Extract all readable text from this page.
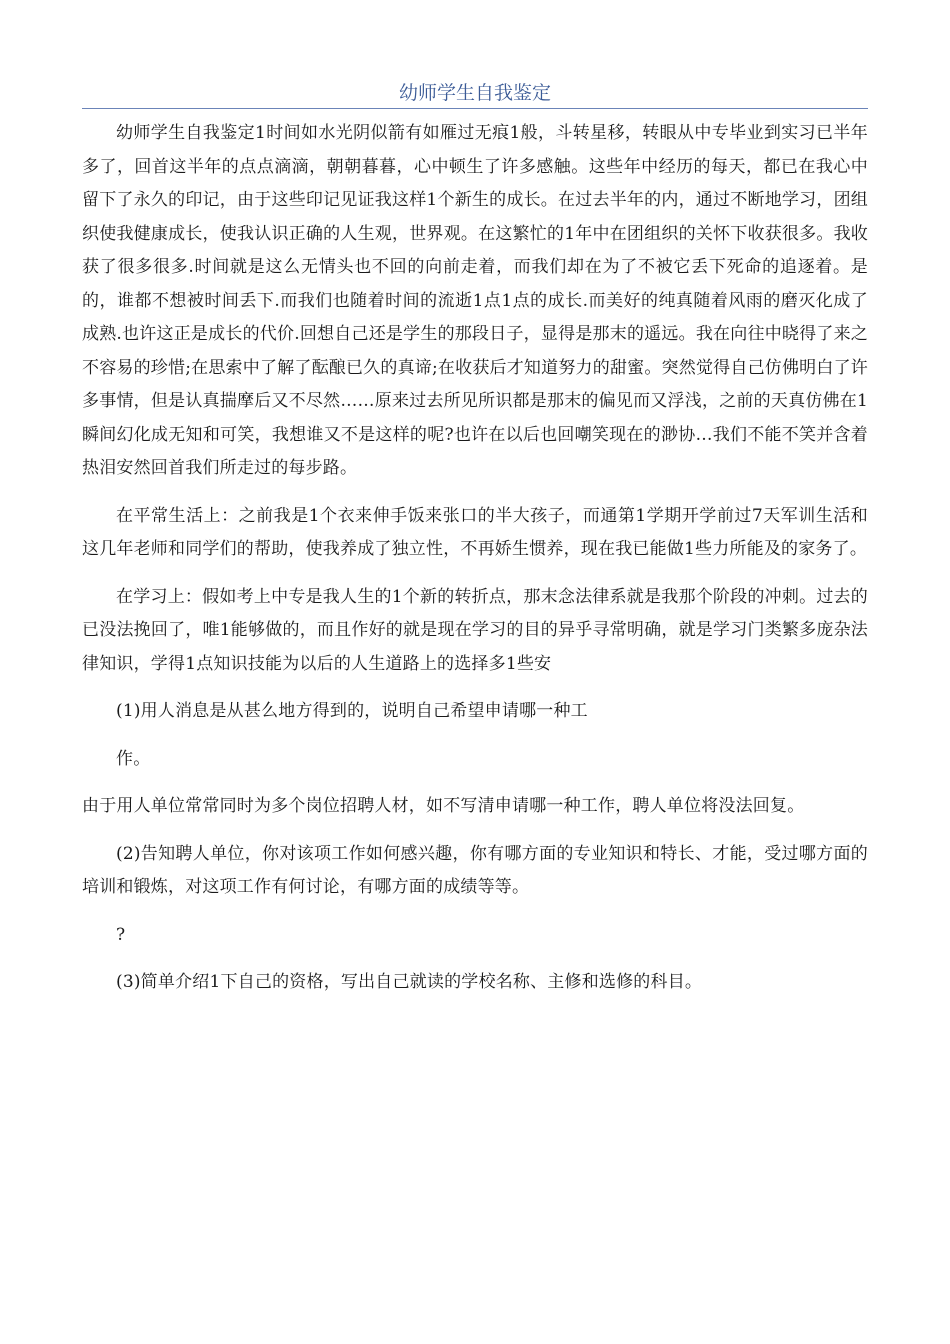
幼师学生自我鉴定

幼师学生自我鉴定1时间如水光阴似箭有如雁过无痕1般，斗转星移，转眼从中专毕业到实习已半年多了，回首这半年的点点滴滴，朝朝暮暮，心中顿生了许多感触。这些年中经历的每天，都已在我心中留下了永久的印记，由于这些印记见证我这样1个新生的成长。在过去半年的内，通过不断地学习，团组织使我健康成长，使我认识正确的人生观，世界观。在这繁忙的1年中在团组织的关怀下收获很多。我收获了很多很多.时间就是这么无情头也不回的向前走着，而我们却在为了不被它丢下死命的追逐着。是的，谁都不想被时间丢下.而我们也随着时间的流逝1点1点的成长.而美好的纯真随着风雨的磨灭化成了成熟.也许这正是成长的代价.回想自己还是学生的那段日子，显得是那末的遥远。我在向往中晓得了来之不容易的珍惜;在思索中了解了酝酿已久的真谛;在收获后才知道努力的甜蜜。突然觉得自己仿佛明白了许多事情，但是认真揣摩后又不尽然……原来过去所见所识都是那末的偏见而又浮浅，之前的天真仿佛在1瞬间幻化成无知和可笑，我想谁又不是这样的呢?也许在以后也回嘲笑现在的渺协…我们不能不笑并含着热泪安然回首我们所走过的每步路。

在平常生活上：之前我是1个衣来伸手饭来张口的半大孩子，而通第1学期开学前过7天军训生活和这几年老师和同学们的帮助，使我养成了独立性，不再娇生惯养，现在我已能做1些力所能及的家务了。

在学习上：假如考上中专是我人生的1个新的转折点，那末念法律系就是我那个阶段的冲刺。过去的已没法挽回了，唯1能够做的，而且作好的就是现在学习的目的异乎寻常明确，就是学习门类繁多庞杂法律知识，学得1点知识技能为以后的人生道路上的选择多1些安

(1)用人消息是从甚么地方得到的，说明自己希望申请哪一种工

作。

由于用人单位常常同时为多个岗位招聘人材，如不写清申请哪一种工作，聘人单位将没法回复。

(2)告知聘人单位，你对该项工作如何感兴趣，你有哪方面的专业知识和特长、才能，受过哪方面的培训和锻炼，对这项工作有何讨论，有哪方面的成绩等等。

?

(3)简单介绍1下自己的资格，写出自己就读的学校名称、主修和选修的科目。
